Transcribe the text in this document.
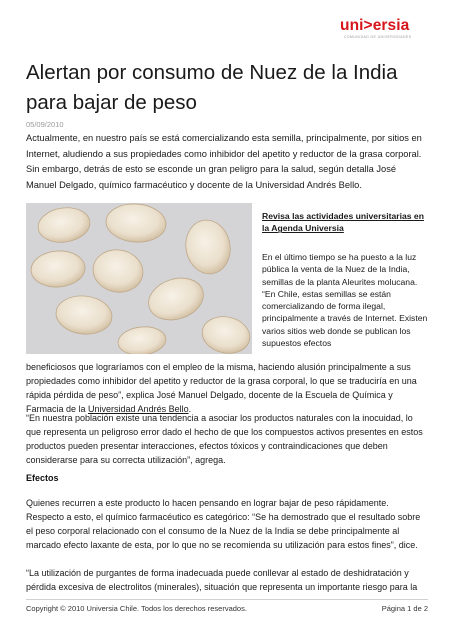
uni>ersia
COMUNIDAD DE UNIVERSIDADES
Alertan por consumo de Nuez de la India para bajar de peso
05/09/2010

Actualmente, en nuestro país se está comercializando esta semilla, principalmente, por sitios en Internet, aludiendo a sus propiedades como inhibidor del apetito y reductor de la grasa corporal. Sin embargo, detrás de esto se esconde un gran peligro para la salud, según detalla José Manuel Delgado, químico farmacéutico y docente de la Universidad Andrés Bello.

Revisa las actividades universitarias en la Agenda Universia

En el último tiempo se ha puesto a la luz pública la venta de la Nuez de la India, semillas de la planta Aleurites molucana. “En Chile, estas semillas se están comercializando de forma ilegal, principalmente a través de Internet. Existen varios sitios web donde se publican los supuestos efectos

beneficiosos que lograríamos con el empleo de la misma, haciendo alusión principalmente a sus propiedades como inhibidor del apetito y reductor de la grasa corporal, lo que se traduciría en una rápida pérdida de peso”, explica José Manuel Delgado, docente de la Escuela de Química y Farmacia de la Universidad Andrés Bello.

“En nuestra población existe una tendencia a asociar los productos naturales con la inocuidad, lo que representa un peligroso error dado el hecho de que los compuestos activos presentes en estos productos pueden presentar interacciones, efectos tóxicos y contraindicaciones que deben considerarse para su correcta utilización”, agrega.

Efectos

Quienes recurren a este producto lo hacen pensando en lograr bajar de peso rápidamente. Respecto a esto, el químico farmacéutico es categórico: “Se ha demostrado que el resultado sobre el peso corporal relacionado con el consumo de la Nuez de la India se debe principalmente al marcado efecto laxante de esta, por lo que no se recomienda su utilización para estos fines”, dice.

“La utilización de purgantes de forma inadecuada puede conllevar al estado de deshidratación y pérdida excesiva de electrolitos (minerales), situación que representa un importante riesgo para la

Copyright © 2010 Universia Chile. Todos los derechos reservados.	Página 1 de 2
